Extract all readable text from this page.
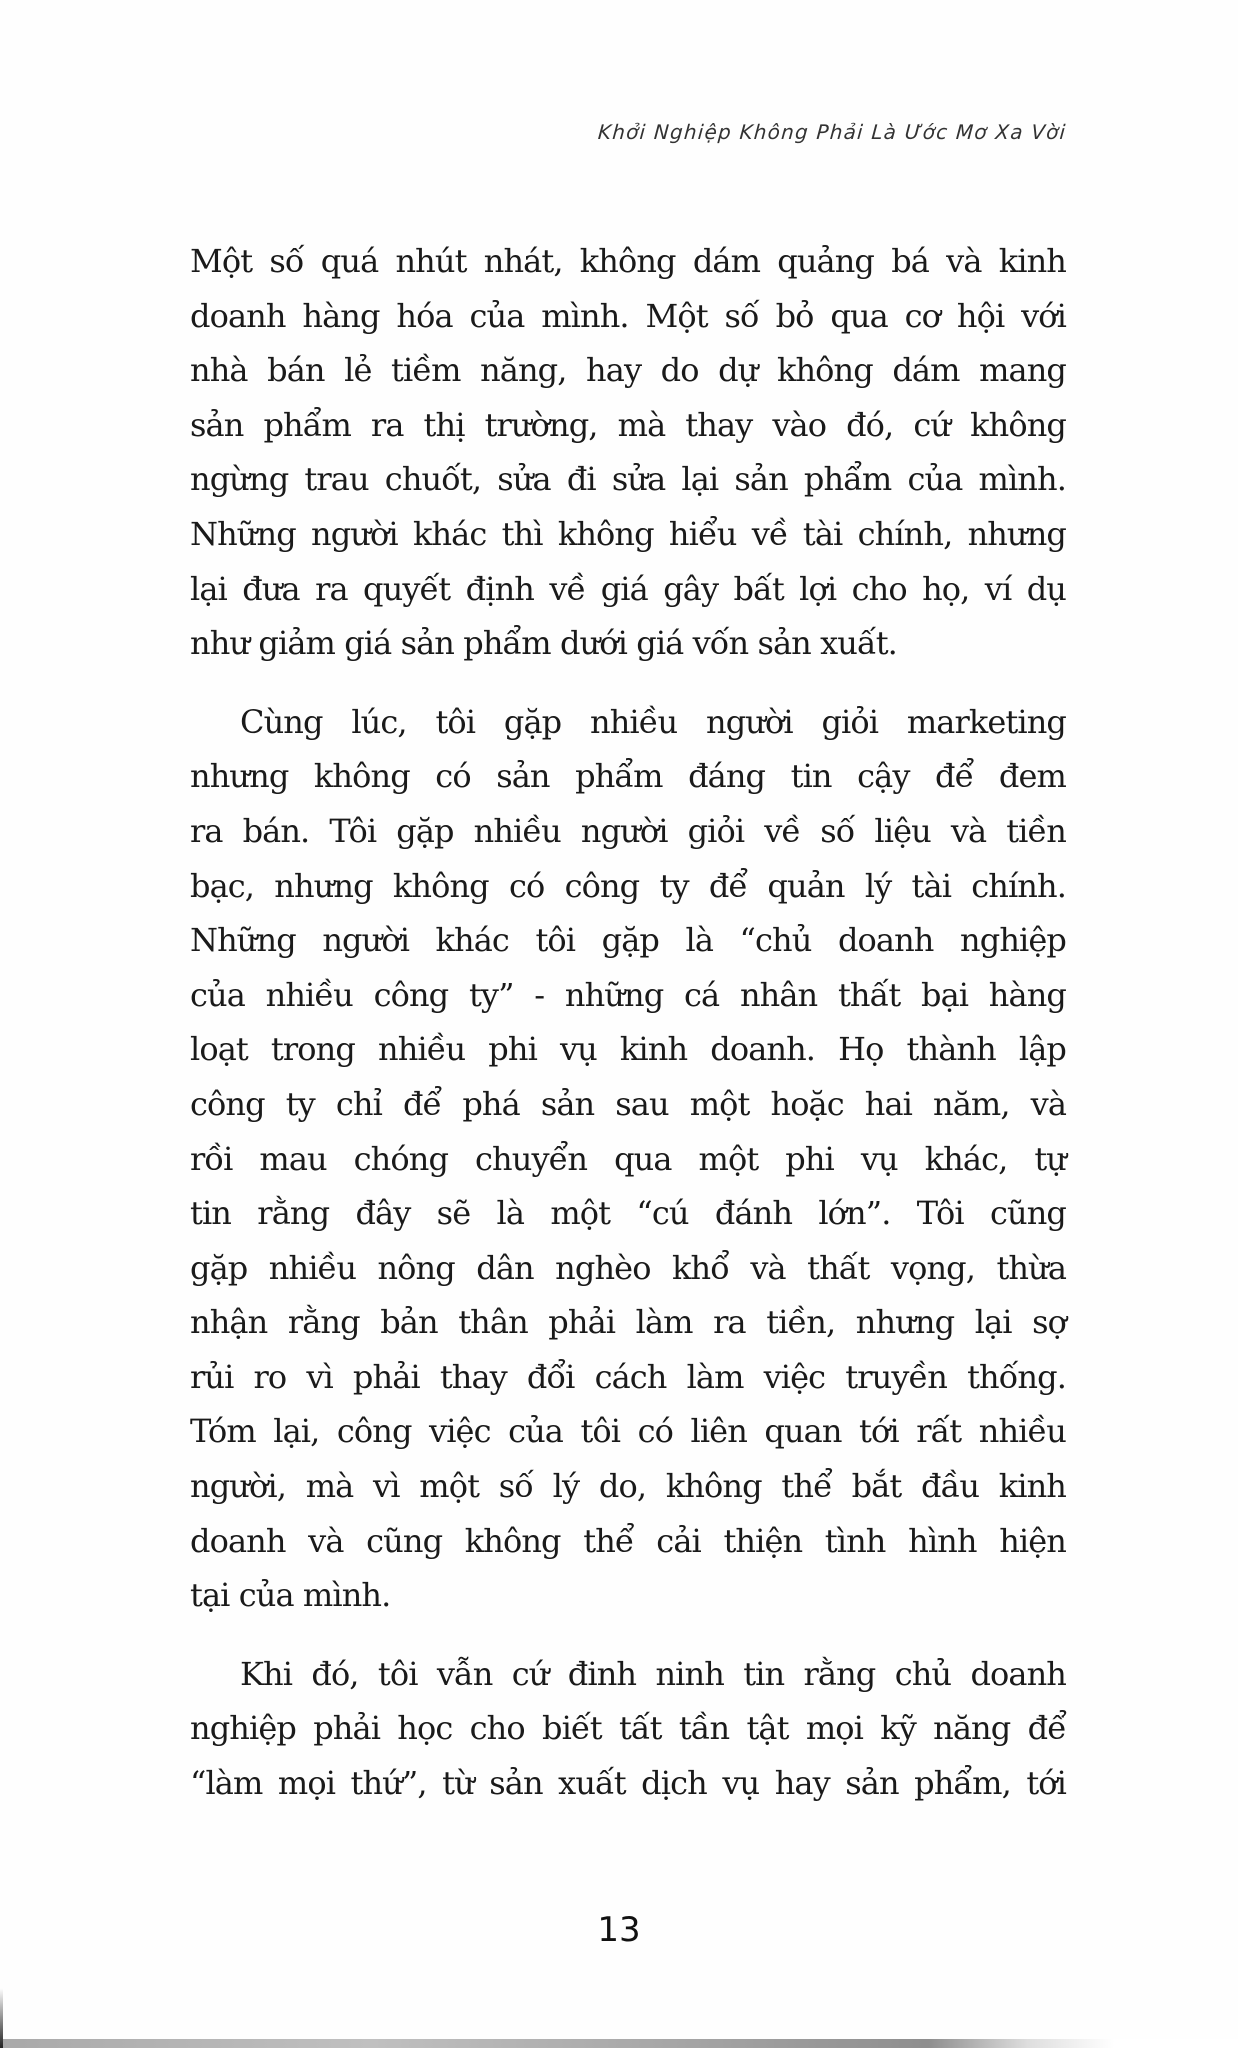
Khởi Nghiệp Không Phải Là Ước Mơ Xa Vời
Một số quá nhút nhát, không dám quảng bá và kinh
doanh hàng hóa của mình. Một số bỏ qua cơ hội với
nhà bán lẻ tiềm năng, hay do dự không dám mang
sản phẩm ra thị trường, mà thay vào đó, cứ không
ngừng trau chuốt, sửa đi sửa lại sản phẩm của mình.
Những người khác thì không hiểu về tài chính, nhưng
lại đưa ra quyết định về giá gây bất lợi cho họ, ví dụ
như giảm giá sản phẩm dưới giá vốn sản xuất.
Cùng lúc, tôi gặp nhiều người giỏi marketing
nhưng không có sản phẩm đáng tin cậy để đem
ra bán. Tôi gặp nhiều người giỏi về số liệu và tiền
bạc, nhưng không có công ty để quản lý tài chính.
Những người khác tôi gặp là “chủ doanh nghiệp
của nhiều công ty” - những cá nhân thất bại hàng
loạt trong nhiều phi vụ kinh doanh. Họ thành lập
công ty chỉ để phá sản sau một hoặc hai năm, và
rồi mau chóng chuyển qua một phi vụ khác, tự
tin rằng đây sẽ là một “cú đánh lớn”. Tôi cũng
gặp nhiều nông dân nghèo khổ và thất vọng, thừa
nhận rằng bản thân phải làm ra tiền, nhưng lại sợ
rủi ro vì phải thay đổi cách làm việc truyền thống.
Tóm lại, công việc của tôi có liên quan tới rất nhiều
người, mà vì một số lý do, không thể bắt đầu kinh
doanh và cũng không thể cải thiện tình hình hiện
tại của mình.
Khi đó, tôi vẫn cứ đinh ninh tin rằng chủ doanh
nghiệp phải học cho biết tất tần tật mọi kỹ năng để
“làm mọi thứ”, từ sản xuất dịch vụ hay sản phẩm, tới
13
